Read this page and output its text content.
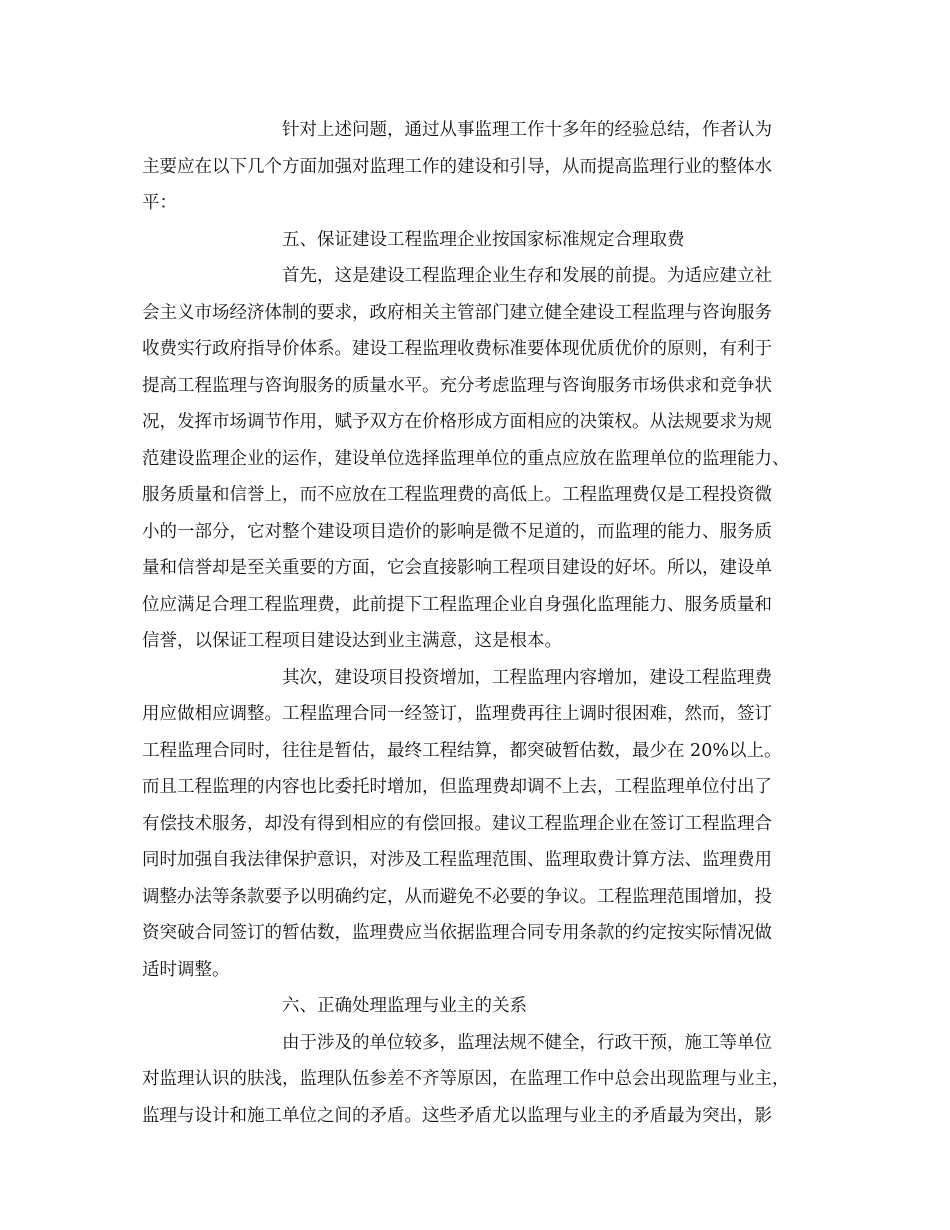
针对上述问题，通过从事监理工作十多年的经验总结，作者认为
主要应在以下几个方面加强对监理工作的建设和引导，从而提高监理行业的整体水
平：
五、保证建设工程监理企业按国家标准规定合理取费
首先，这是建设工程监理企业生存和发展的前提。为适应建立社
会主义市场经济体制的要求，政府相关主管部门建立健全建设工程监理与咨询服务
收费实行政府指导价体系。建设工程监理收费标准要体现优质优价的原则，有利于
提高工程监理与咨询服务的质量水平。充分考虑监理与咨询服务市场供求和竞争状
况，发挥市场调节作用，赋予双方在价格形成方面相应的决策权。从法规要求为规
范建设监理企业的运作，建设单位选择监理单位的重点应放在监理单位的监理能力、
服务质量和信誉上，而不应放在工程监理费的高低上。工程监理费仅是工程投资微
小的一部分，它对整个建设项目造价的影响是微不足道的，而监理的能力、服务质
量和信誉却是至关重要的方面，它会直接影响工程项目建设的好坏。所以，建设单
位应满足合理工程监理费，此前提下工程监理企业自身强化监理能力、服务质量和
信誉，以保证工程项目建设达到业主满意，这是根本。
其次，建设项目投资增加，工程监理内容增加，建设工程监理费
用应做相应调整。工程监理合同一经签订，监理费再往上调时很困难，然而，签订
工程监理合同时，往往是暂估，最终工程结算，都突破暂估数，最少在 20%以上。
而且工程监理的内容也比委托时增加，但监理费却调不上去，工程监理单位付出了
有偿技术服务，却没有得到相应的有偿回报。建议工程监理企业在签订工程监理合
同时加强自我法律保护意识，对涉及工程监理范围、监理取费计算方法、监理费用
调整办法等条款要予以明确约定，从而避免不必要的争议。工程监理范围增加，投
资突破合同签订的暂估数，监理费应当依据监理合同专用条款的约定按实际情况做
适时调整。
六、正确处理监理与业主的关系
由于涉及的单位较多，监理法规不健全，行政干预，施工等单位
对监理认识的肤浅，监理队伍参差不齐等原因，在监理工作中总会出现监理与业主，
监理与设计和施工单位之间的矛盾。这些矛盾尤以监理与业主的矛盾最为突出，影
